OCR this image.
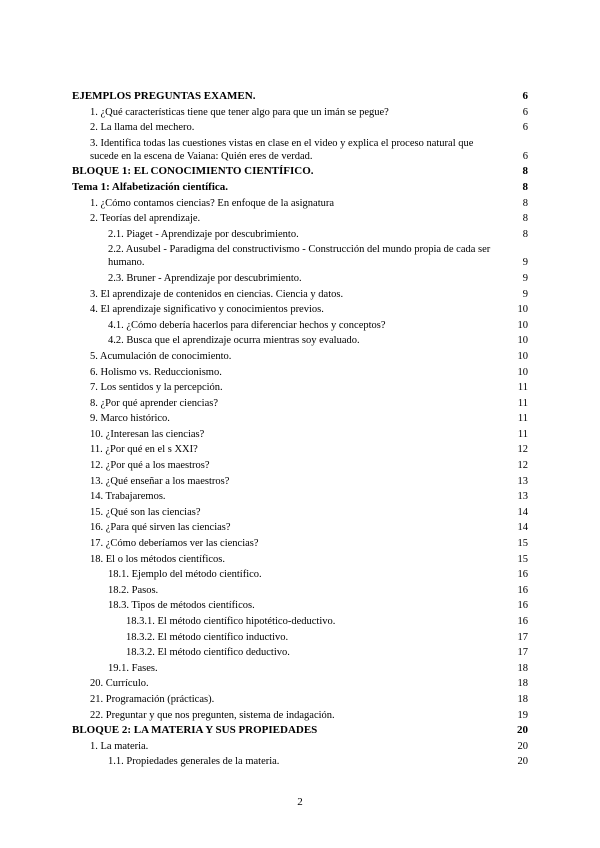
EJEMPLOS PREGUNTAS EXAMEN.	6
1. ¿Qué características tiene que tener algo para que un imán se pegue?	6
2. La llama del mechero.	6
3. Identifica todas las cuestiones vistas en clase en el video y explica el proceso natural que sucede en la escena de Vaiana: Quién eres de verdad.	6
BLOQUE 1: EL CONOCIMIENTO CIENTÍFICO.	8
Tema 1: Alfabetización científica.	8
1. ¿Cómo contamos ciencias? En enfoque de la asignatura	8
2. Teorías del aprendizaje.	8
2.1. Piaget - Aprendizaje por descubrimiento.	8
2.2. Ausubel - Paradigma del constructivismo - Construcción del mundo propia de cada ser humano.	9
2.3. Bruner - Aprendizaje por descubrimiento.	9
3. El aprendizaje de contenidos en ciencias. Ciencia y datos.	9
4. El aprendizaje significativo y conocimientos previos.	10
4.1. ¿Cómo debería hacerlos para diferenciar hechos y conceptos?	10
4.2. Busca que el aprendizaje ocurra mientras soy evaluado.	10
5. Acumulación de conocimiento.	10
6. Holismo vs. Reduccionismo.	10
7. Los sentidos y la percepción.	11
8. ¿Por qué aprender ciencias?	11
9. Marco histórico.	11
10. ¿Interesan las ciencias?	11
11. ¿Por qué en el s XXI?	12
12. ¿Por qué a los maestros?	12
13. ¿Qué enseñar a los maestros?	13
14. Trabajaremos.	13
15. ¿Qué son las ciencias?	14
16. ¿Para qué sirven las ciencias?	14
17. ¿Cómo deberíamos ver las ciencias?	15
18. El o los métodos científicos.	15
18.1. Ejemplo del método científico.	16
18.2. Pasos.	16
18.3. Tipos de métodos científicos.	16
18.3.1. El método científico hipotético-deductivo.	16
18.3.2. El método científico inductivo.	17
18.3.2. El método científico deductivo.	17
19.1. Fases.	18
20. Currículo.	18
21. Programación (prácticas).	18
22. Preguntar y que nos pregunten, sistema de indagación.	19
BLOQUE 2: LA MATERIA Y SUS PROPIEDADES	20
1. La materia.	20
1.1. Propiedades generales de la materia.	20
2
